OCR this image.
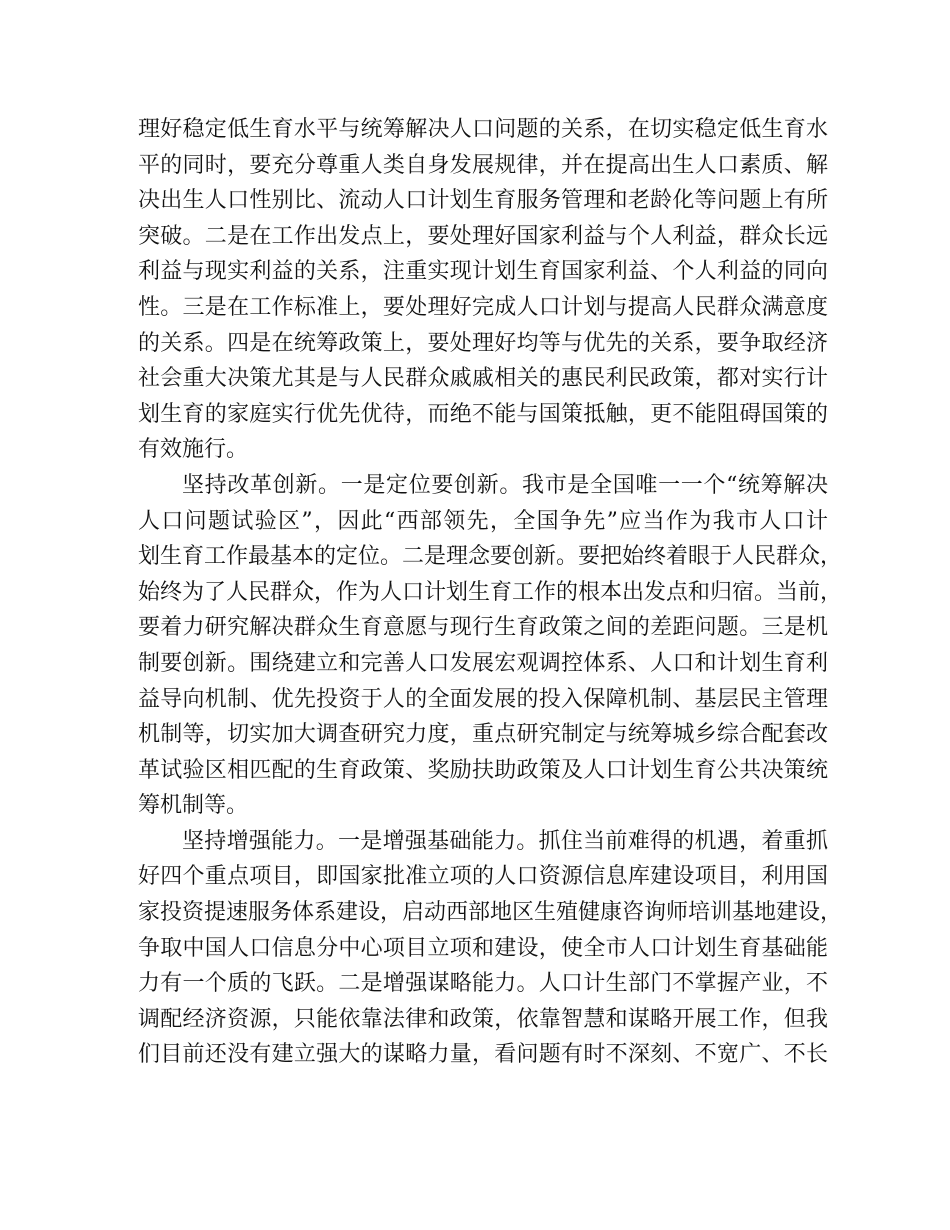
理好稳定低生育水平与统筹解决人口问题的关系，在切实稳定低生育水
平的同时，要充分尊重人类自身发展规律，并在提高出生人口素质、解
决出生人口性别比、流动人口计划生育服务管理和老龄化等问题上有所
突破。二是在工作出发点上，要处理好国家利益与个人利益，群众长远
利益与现实利益的关系，注重实现计划生育国家利益、个人利益的同向
性。三是在工作标准上，要处理好完成人口计划与提高人民群众满意度
的关系。四是在统筹政策上，要处理好均等与优先的关系，要争取经济
社会重大决策尤其是与人民群众戚戚相关的惠民利民政策，都对实行计
划生育的家庭实行优先优待，而绝不能与国策抵触，更不能阻碍国策的
有效施行。
坚持改革创新。一是定位要创新。我市是全国唯一一个“统筹解决
人口问题试验区”，因此“西部领先，全国争先”应当作为我市人口计
划生育工作最基本的定位。二是理念要创新。要把始终着眼于人民群众，
始终为了人民群众，作为人口计划生育工作的根本出发点和归宿。当前，
要着力研究解决群众生育意愿与现行生育政策之间的差距问题。三是机
制要创新。围绕建立和完善人口发展宏观调控体系、人口和计划生育利
益导向机制、优先投资于人的全面发展的投入保障机制、基层民主管理
机制等，切实加大调查研究力度，重点研究制定与统筹城乡综合配套改
革试验区相匹配的生育政策、奖励扶助政策及人口计划生育公共决策统
筹机制等。
坚持增强能力。一是增强基础能力。抓住当前难得的机遇，着重抓
好四个重点项目，即国家批准立项的人口资源信息库建设项目，利用国
家投资提速服务体系建设，启动西部地区生殖健康咨询师培训基地建设，
争取中国人口信息分中心项目立项和建设，使全市人口计划生育基础能
力有一个质的飞跃。二是增强谋略能力。人口计生部门不掌握产业，不
调配经济资源，只能依靠法律和政策，依靠智慧和谋略开展工作，但我
们目前还没有建立强大的谋略力量，看问题有时不深刻、不宽广、不长
